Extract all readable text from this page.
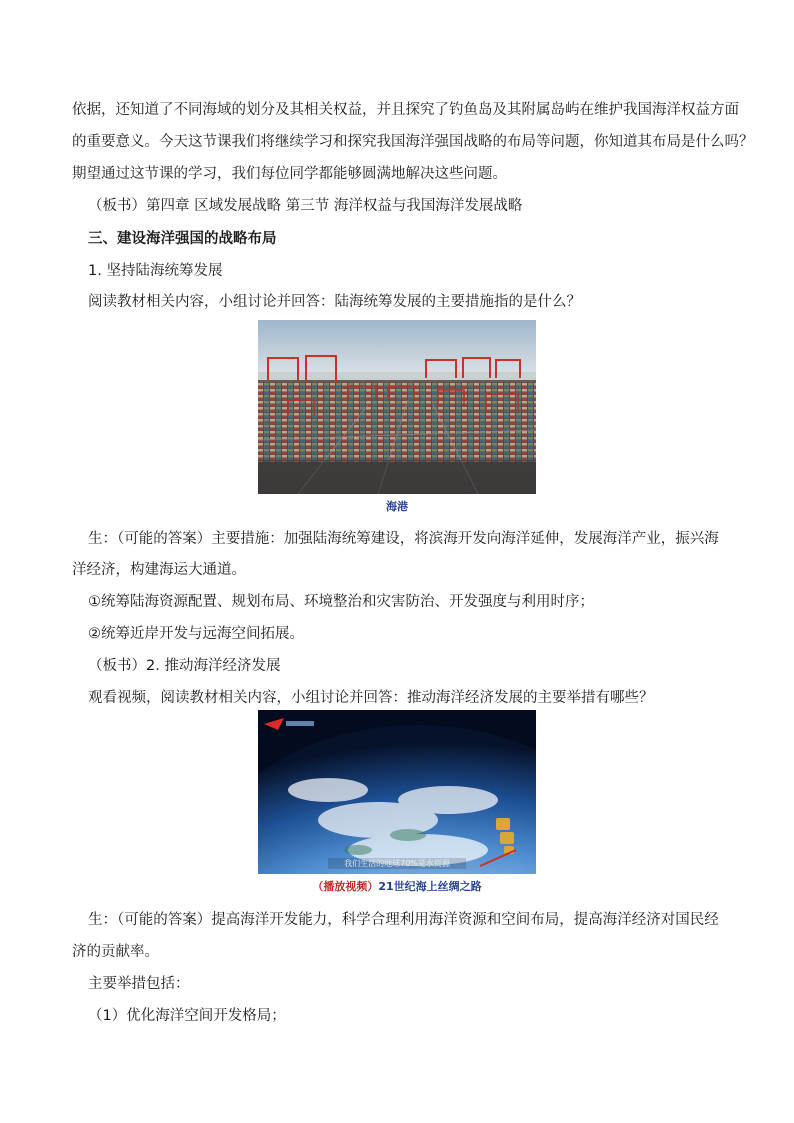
依据，还知道了不同海域的划分及其相关权益，并且探究了钓鱼岛及其附属岛屿在维护我国海洋权益方面
的重要意义。今天这节课我们将继续学习和探究我国海洋强国战略的布局等问题，你知道其布局是什么吗？
期望通过这节课的学习，我们每位同学都能够圆满地解决这些问题。
（板书）第四章 区域发展战略 第三节 海洋权益与我国海洋发展战略
三、建设海洋强国的战略布局
1. 坚持陆海统筹发展
阅读教材相关内容，小组讨论并回答：陆海统筹发展的主要措施指的是什么？
海港
生：（可能的答案）主要措施：加强陆海统筹建设，将滨海开发向海洋延伸，发展海洋产业，振兴海
洋经济，构建海运大通道。
①统筹陆海资源配置、规划布局、环境整治和灾害防治、开发强度与利用时序；
②统筹近岸开发与远海空间拓展。
（板书）2. 推动海洋经济发展
观看视频，阅读教材相关内容，小组讨论并回答：推动海洋经济发展的主要举措有哪些？
我们生活的地球70%是水资源
（播放视频）21世纪海上丝绸之路
生：（可能的答案）提高海洋开发能力，科学合理利用海洋资源和空间布局，提高海洋经济对国民经
济的贡献率。
主要举措包括：
（1）优化海洋空间开发格局；
